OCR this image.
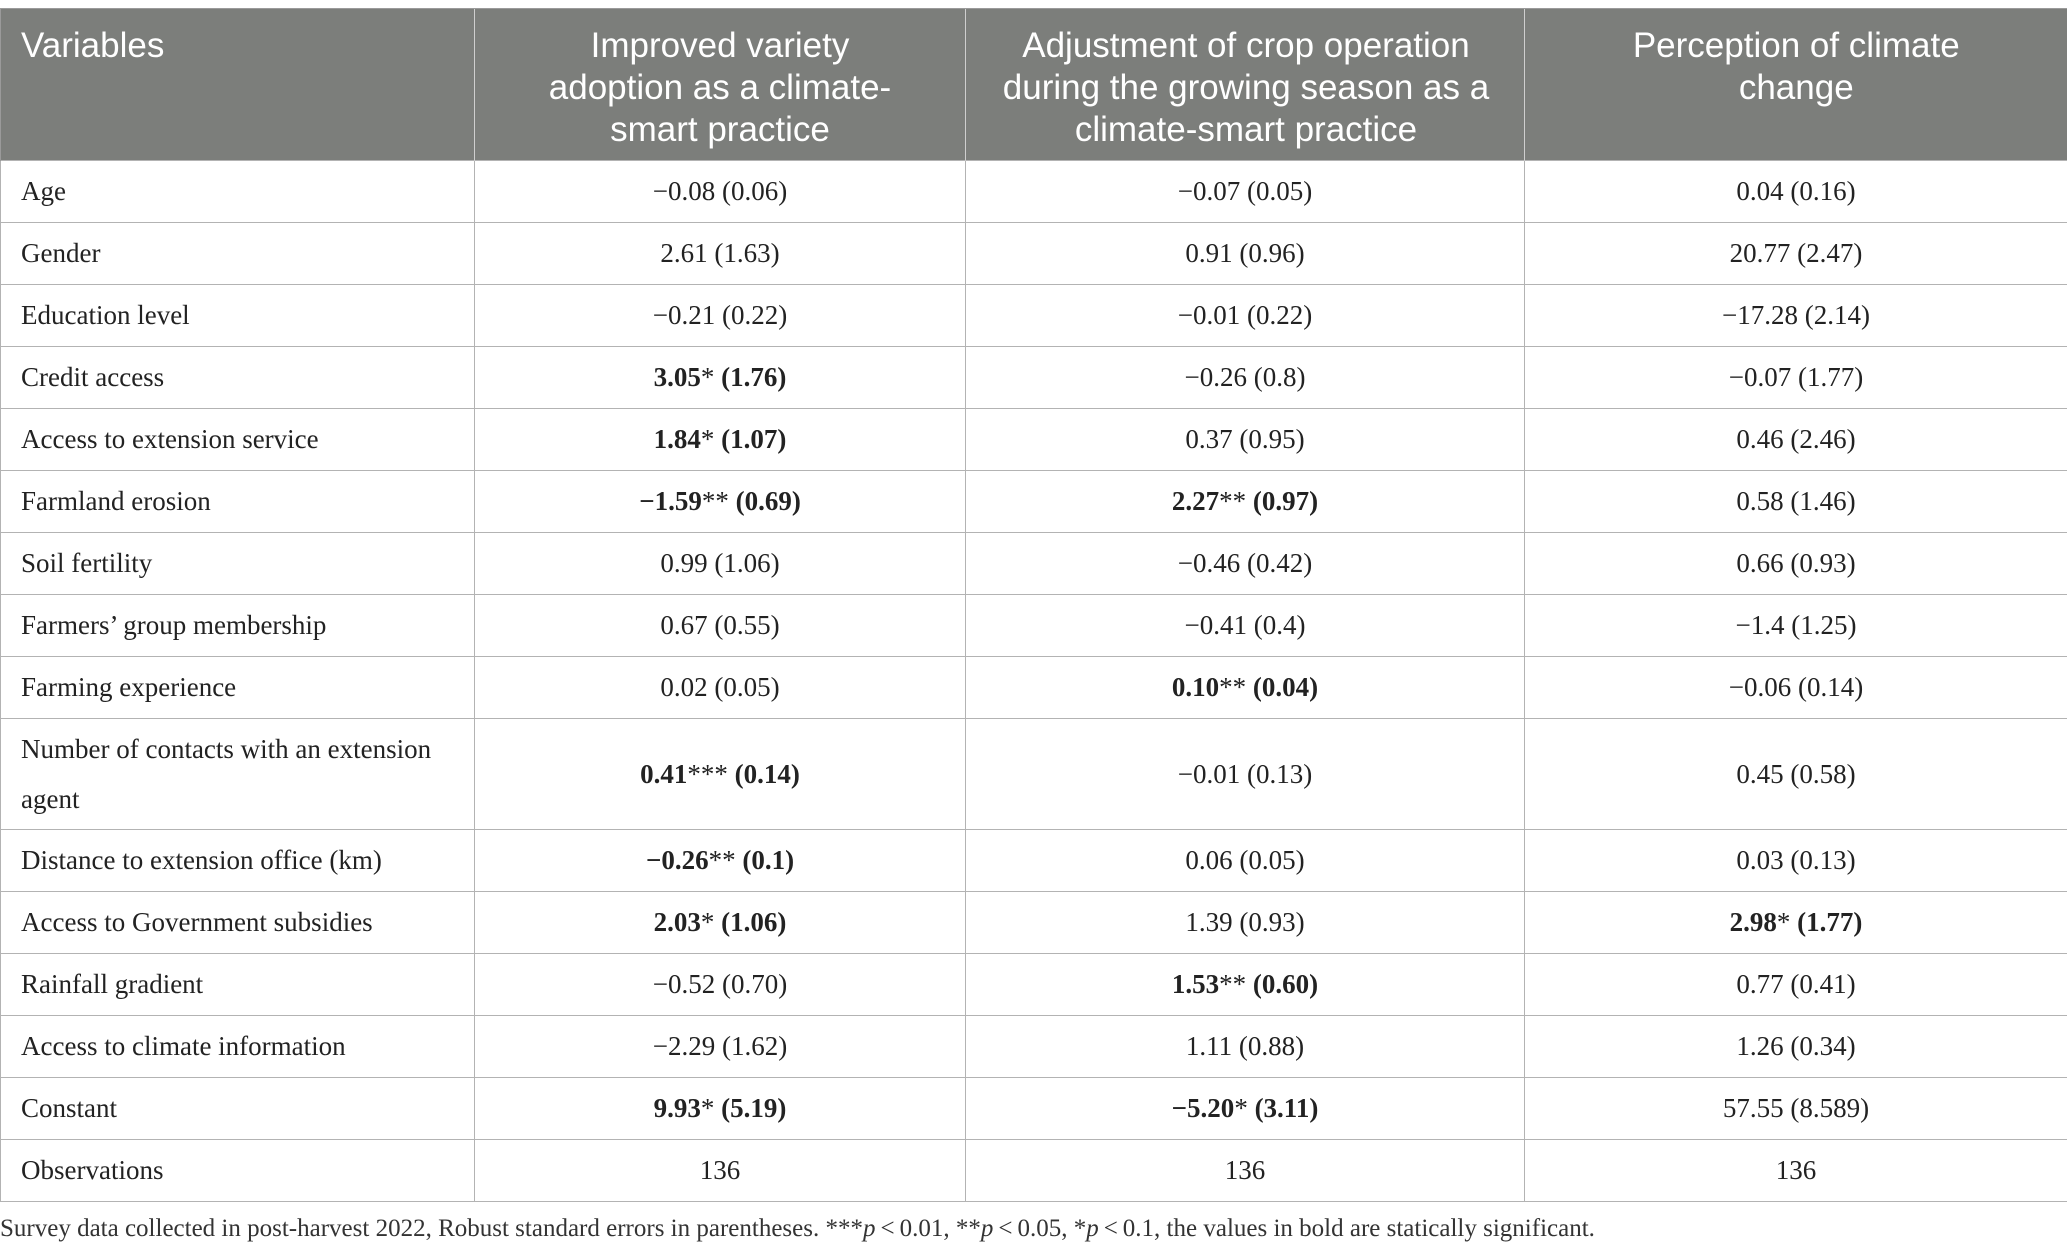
Variables	Improved variety adoption as a climate-smart practice	Adjustment of crop operation during the growing season as a climate-smart practice	Perception of climate change

Age	−0.08 (0.06)	−0.07 (0.05)	0.04 (0.16)
Gender	2.61 (1.63)	0.91 (0.96)	20.77 (2.47)
Education level	−0.21 (0.22)	−0.01 (0.22)	−17.28 (2.14)
Credit access	3.05* (1.76)	−0.26 (0.8)	−0.07 (1.77)
Access to extension service	1.84* (1.07)	0.37 (0.95)	0.46 (2.46)
Farmland erosion	−1.59** (0.69)	2.27** (0.97)	0.58 (1.46)
Soil fertility	0.99 (1.06)	−0.46 (0.42)	0.66 (0.93)
Farmers’ group membership	0.67 (0.55)	−0.41 (0.4)	−1.4 (1.25)
Farming experience	0.02 (0.05)	0.10** (0.04)	−0.06 (0.14)
Number of contacts with an extension agent	0.41*** (0.14)	−0.01 (0.13)	0.45 (0.58)
Distance to extension office (km)	−0.26** (0.1)	0.06 (0.05)	0.03 (0.13)
Access to Government subsidies	2.03* (1.06)	1.39 (0.93)	2.98* (1.77)
Rainfall gradient	−0.52 (0.70)	1.53** (0.60)	0.77 (0.41)
Access to climate information	−2.29 (1.62)	1.11 (0.88)	1.26 (0.34)
Constant	9.93* (5.19)	−5.20* (3.11)	57.55 (8.589)
Observations	136	136	136
Survey data collected in post-harvest 2022, Robust standard errors in parentheses. ***p < 0.01, **p < 0.05, *p < 0.1, the values in bold are statically significant.
